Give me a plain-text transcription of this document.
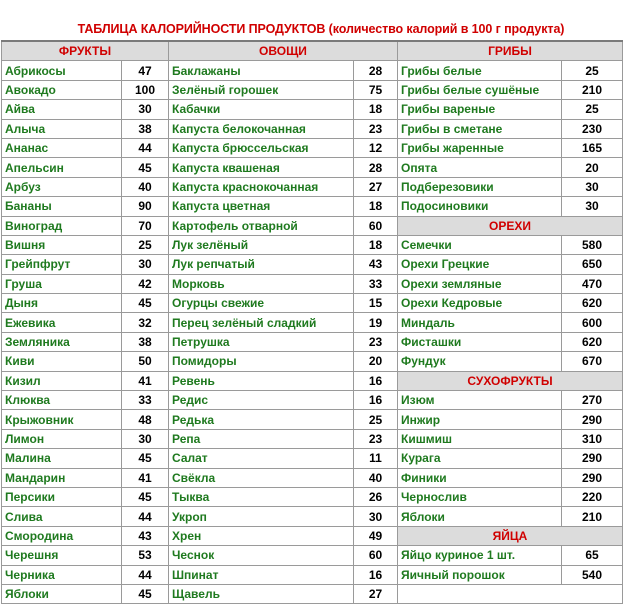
ТАБЛИЦА КАЛОРИЙНОСТИ ПРОДУКТОВ (количество калорий в 100 г продукта)
ФРУКТЫ		ОВОЩИ		ГРИБЫ	
Абрикосы	47	Баклажаны	28	Грибы белые	25
Авокадо	100	Зелёный горошек	75	Грибы белые сушёные	210
Айва	30	Кабачки	18	Грибы вареные	25
Алыча	38	Капуста белокочанная	23	Грибы в сметане	230
Ананас	44	Капуста брюссельская	12	Грибы жаренные	165
Апельсин	45	Капуста квашеная	28	Опята	20
Арбуз	40	Капуста краснокочанная	27	Подберезовики	30
Бананы	90	Капуста цветная	18	Подосиновики	30
Виноград	70	Картофель отварной	60	ОРЕХИ	
Вишня	25	Лук зелёный	18	Семечки	580
Грейпфрут	30	Лук репчатый	43	Орехи Грецкие	650
Груша	42	Морковь	33	Орехи земляные	470
Дыня	45	Огурцы свежие	15	Орехи Кедровые	620
Ежевика	32	Перец зелёный сладкий	19	Миндаль	600
Земляника	38	Петрушка	23	Фисташки	620
Киви	50	Помидоры	20	Фундук	670
Кизил	41	Ревень	16	СУХОФРУКТЫ	
Клюква	33	Редис	16	Изюм	270
Крыжовник	48	Редька	25	Инжир	290
Лимон	30	Репа	23	Кишмиш	310
Малина	45	Салат	11	Курага	290
Мандарин	41	Свёкла	40	Финики	290
Персики	45	Тыква	26	Чернослив	220
Слива	44	Укроп	30	Яблоки	210
Смородина	43	Хрен	49	ЯЙЦА	
Черешня	53	Чеснок	60	Яйцо куриное 1 шт.	65
Черника	44	Шпинат	16	Яичный порошок	540
Яблоки	45	Щавель	27		
